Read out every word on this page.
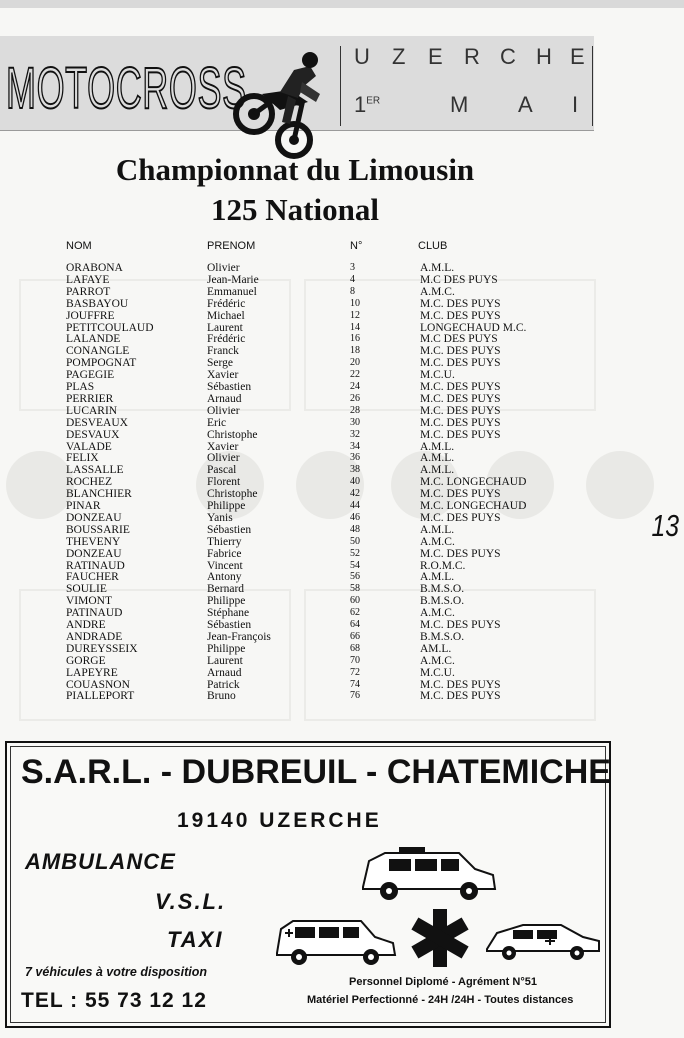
MOTOCROSS	U Z E R C H E
1ER	M A I
Championnat du Limousin
125 National
NOM	PRENOM	N°	CLUB
ORABONA	Olivier	3	A.M.L.
LAFAYE	Jean-Marie	4	M.C DES PUYS
PARROT	Emmanuel	8	A.M.C.
BASBAYOU	Frédéric	10	M.C. DES PUYS
JOUFFRE	Michael	12	M.C. DES PUYS
PETITCOULAUD	Laurent	14	LONGECHAUD M.C.
LALANDE	Frédéric	16	M.C DES PUYS
CONANGLE	Franck	18	M.C. DES PUYS
POMPOGNAT	Serge	20	M.C. DES PUYS
PAGEGIE	Xavier	22	M.C.U.
PLAS	Sébastien	24	M.C. DES PUYS
PERRIER	Arnaud	26	M.C. DES PUYS
LUCARIN	Olivier	28	M.C. DES PUYS
DESVEAUX	Eric	30	M.C. DES PUYS
DESVAUX	Christophe	32	M.C. DES PUYS
VALADE	Xavier	34	A.M.L.
FELIX	Olivier	36	A.M.L.
LASSALLE	Pascal	38	A.M.L.
ROCHEZ	Florent	40	M.C. LONGECHAUD
BLANCHIER	Christophe	42	M.C. DES PUYS
PINAR	Philippe	44	M.C. LONGECHAUD
DONZEAU	Yanis	46	M.C. DES PUYS
BOUSSARIE	Sébastien	48	A.M.L.
THEVENY	Thierry	50	A.M.C.
DONZEAU	Fabrice	52	M.C. DES PUYS
RATINAUD	Vincent	54	R.O.M.C.
FAUCHER	Antony	56	A.M.L.
SOULIE	Bernard	58	B.M.S.O.
VIMONT	Philippe	60	B.M.S.O.
PATINAUD	Stéphane	62	A.M.C.
ANDRE	Sébastien	64	M.C. DES PUYS
ANDRADE	Jean-François	66	B.M.S.O.
DUREYSSEIX	Philippe	68	AM.L.
GORGE	Laurent	70	A.M.C.
LAPEYRE	Arnaud	72	M.C.U.
COUASNON	Patrick	74	M.C. DES PUYS
PIALLEPORT	Bruno	76	M.C. DES PUYS
13
S.A.R.L. - DUBREUIL - CHATEMICHE
19140 UZERCHE
AMBULANCE
V.S.L.
TAXI
7 véhicules à votre disposition
TEL : 55 73 12 12
Personnel Diplomé - Agrément N°51
Matériel Perfectionné - 24H /24H - Toutes distances
